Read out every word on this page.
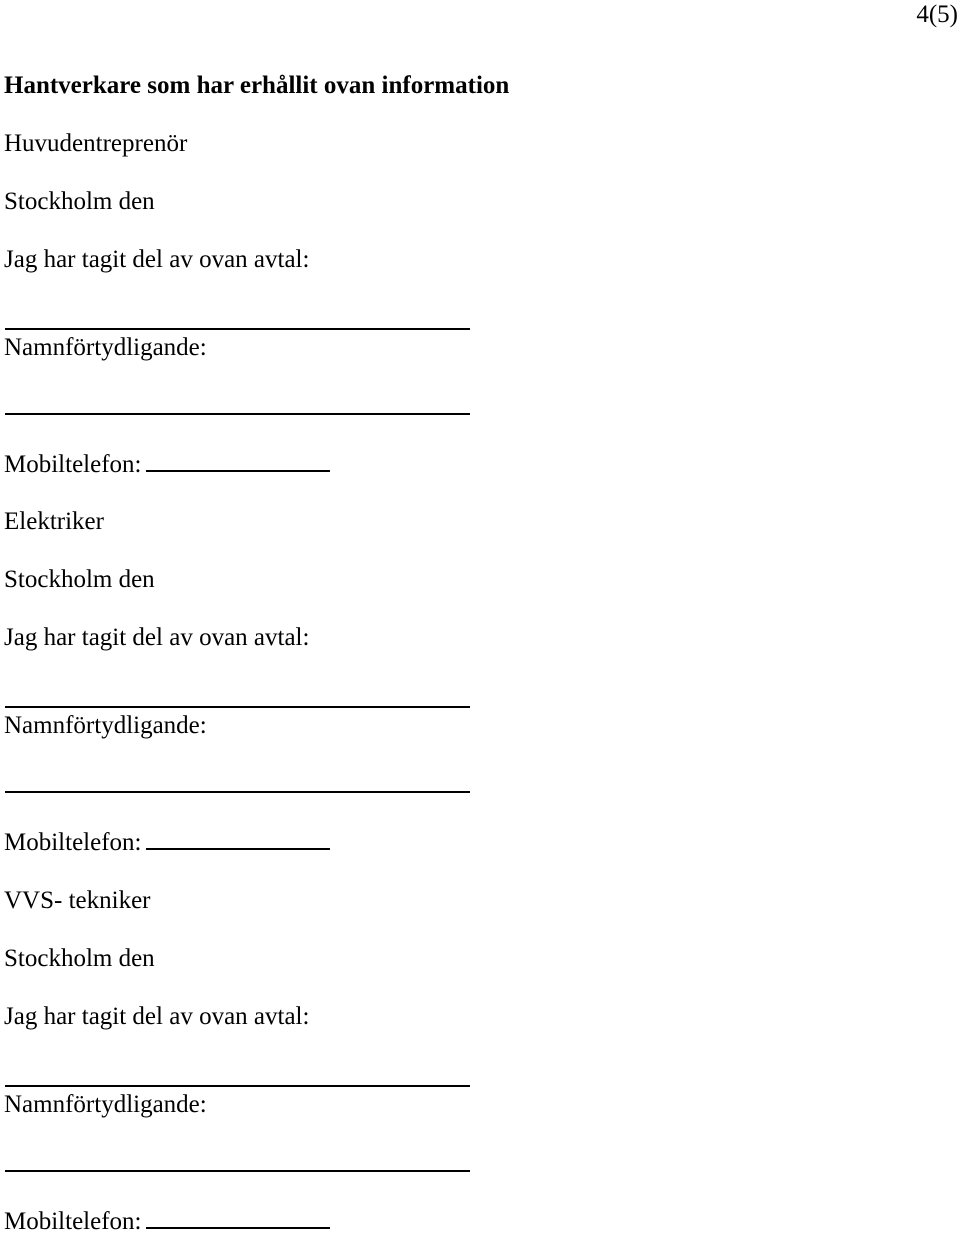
4(5)
Hantverkare som har erhållit ovan information
Huvudentreprenör
Stockholm den
Jag har tagit del av ovan avtal:
Namnförtydligande:
Mobiltelefon:
Elektriker
Stockholm den
Jag har tagit del av ovan avtal:
Namnförtydligande:
Mobiltelefon:
VVS- tekniker
Stockholm den
Jag har tagit del av ovan avtal:
Namnförtydligande:
Mobiltelefon:
